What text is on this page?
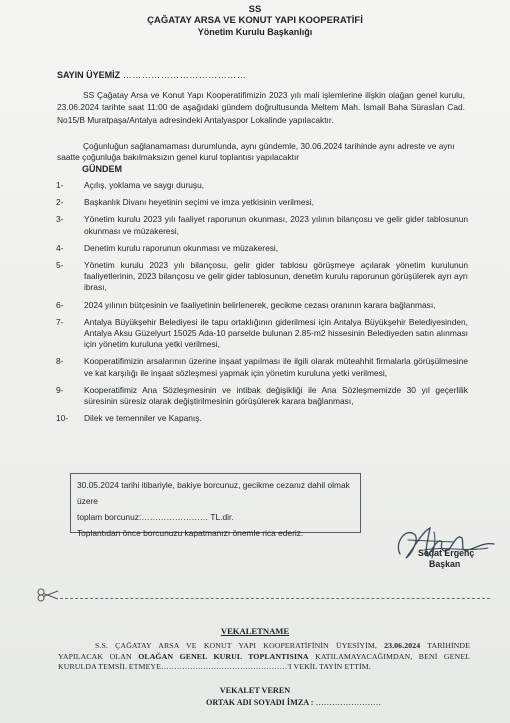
SS
ÇAĞATAY ARSA VE KONUT YAPI KOOPERATİFİ
Yönetim Kurulu Başkanlığı
SAYIN ÜYEMİZ …………………………………
SS Çağatay Arsa ve Konut Yapı Kooperatifimizin 2023 yılı mali işlemlerine ilişkin olağan genel kurulu, 23.06.2024 tarihte saat 11:00 de aşağıdaki gündem doğrultusunda Meltem Mah. İsmail Baha Sürasİan Cad. No15/B Muratpaşa/Antalya adresindeki Antalyaspor Lokalinde yapılacaktır.
Çoğunluğun sağlanamaması durumlunda, aynı gündemle, 30.06.2024 tarihinde aynı adreste ve aynı saatte çoğunluğa bakılmaksızın genel kurul toplantısı yapılacaktır
GÜNDEM
1- Açılış, yoklama ve saygı duruşu,
2- Başkanlık Divanı heyetinin seçimi ve imza yetkisinin verilmesi,
3- Yönetim kurulu 2023 yılı faaliyet raporunun okunması, 2023 yılının bilançosu ve gelir gider tablosunun okunması ve müzakeresi,
4- Denetim kurulu raporunun okunması ve müzakeresi,
5- Yönetim kurulu 2023 yılı bilançosu, gelir gider tablosu görüşmeye açılarak yönetim kurulunun faaliyetlerinin, 2023 bilançosu ve gelir gider tablosunun, denetim kurulu raporunun görüşülerek ayrı ayrı ibrası,
6- 2024 yılının bütçesinin ve faaliyetinin belirlenerek, gecikme cezası oranının karara bağlanması,
7- Antalya Büyükşehir Belediyesi ile tapu ortaklığının giderilmesi için Antalya Büyükşehir Belediyesinden, Antalya Aksu Güzelyurt 15025 Ada-10 parselde bulunan 2.85-m2 hissesinin Belediyeden satın alınması için yönetim kuruluna yetki verilmesi,
8- Kooperatifimizin arsalarının üzerine inşaat yapılması ile ilgili olarak müteahhit firmalarla görüşülmesine ve kat karşılığı ile inşaat sözleşmesi yapmak için yönetim kuruluna yetki verilmesi,
9- Kooperatifimiz Ana Sözleşmesinin ve intibak değişikliği ile Ana Sözleşmemizde 30 yıl geçerlilik süresinin süresiz olarak değiştirilmesinin görüşülerek karara bağlanması,
10- Dilek ve temenniler ve Kapanış.
30.05.2024 tarihi itibariyle, bakiye borcunuz, gecikme cezanız dahil olmak üzere
toplam borcunuz:…………………… TL.dir.
Toplantıdan önce borcunuzu kapatmanızı önemle rica ederiz.
Sedat Ergenç
Başkan
VEKALETNAME
S.S. ÇAĞATAY ARSA VE KONUT YAPI KOOPERATİFİNİN ÜYESİYİM, 23.06.2024 TARİHİNDE YAPILACAK OLAN OLAĞAN GENEL KURUL TOPLANTISINA KATILAMAYACAĞIMDAN, BENİ GENEL KURULDA TEMSİL ETMEYE…………………………………………'I VEKİL TAYİN ETTİM.
VEKALET VEREN
ORTAK ADI SOYADI İMZA : ……………………
